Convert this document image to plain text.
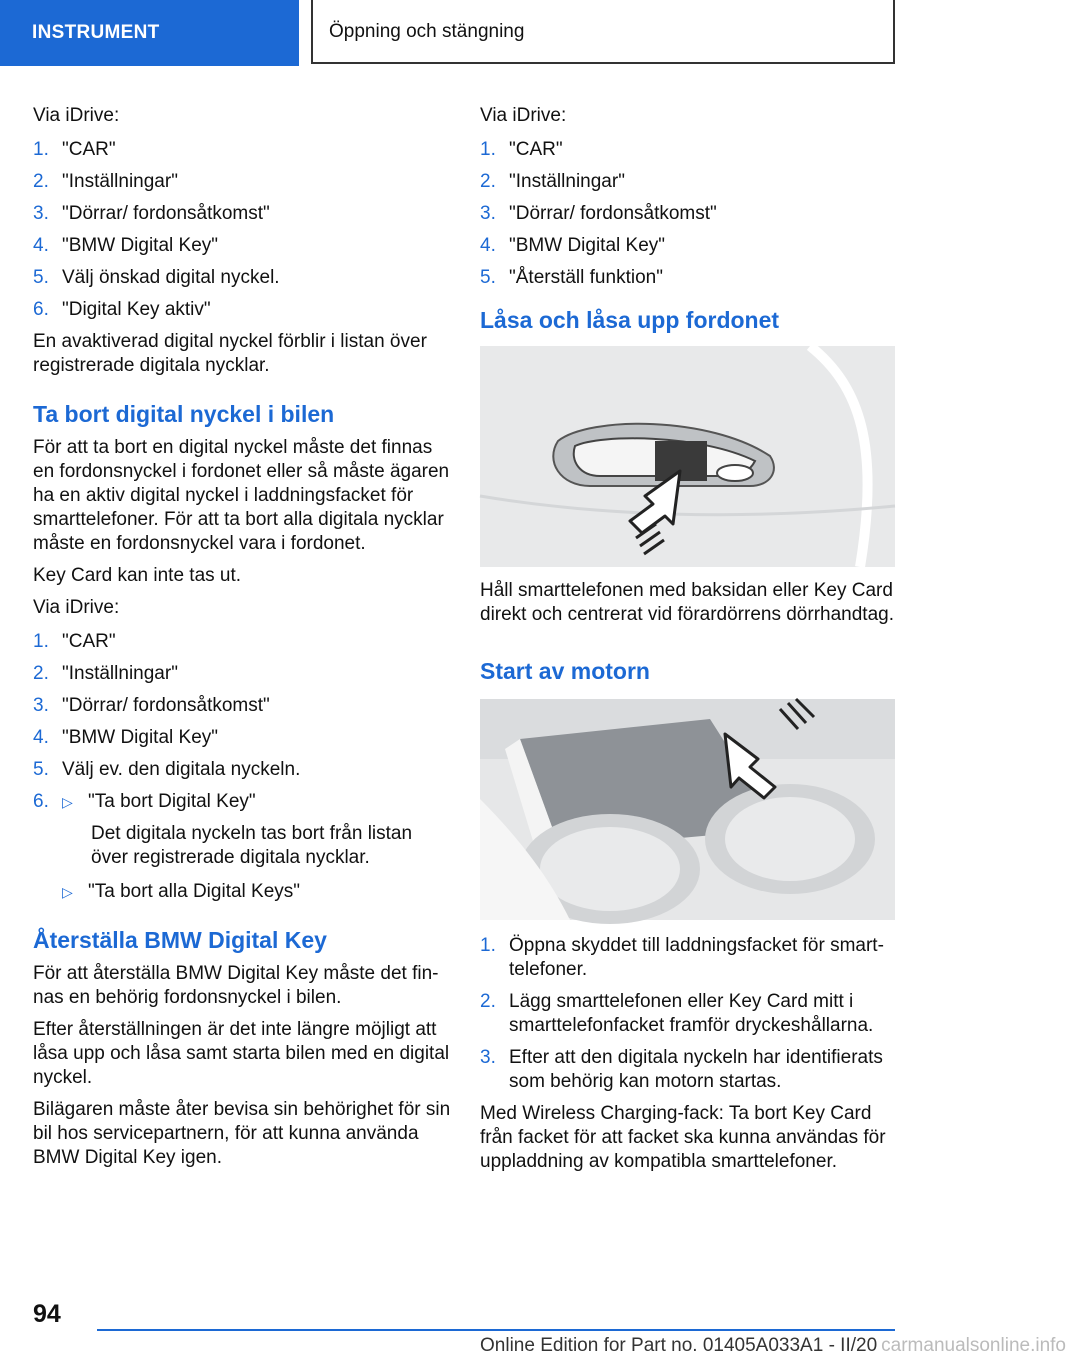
INSTRUMENT	Öppning och stängning

Via iDrive:

1. "CAR"
2. "Inställningar"
3. "Dörrar/ fordonsåtkomst"
4. "BMW Digital Key"
5. Välj önskad digital nyckel.
6. "Digital Key aktiv"

En avaktiverad digital nyckel förblir i listan över registrerade digitala nycklar.

Ta bort digital nyckel i bilen

För att ta bort en digital nyckel måste det finnas en fordonsnyckel i fordonet eller så måste ägaren ha en aktiv digital nyckel i laddningsfacket för smarttelefoner. För att ta bort alla digitala nycklar måste en fordonsnyckel vara i fordonet.

Key Card kan inte tas ut.

Via iDrive:

1. "CAR"
2. "Inställningar"
3. "Dörrar/ fordonsåtkomst"
4. "BMW Digital Key"
5. Välj ev. den digitala nyckeln.
6. ▷ "Ta bort Digital Key"
Det digitala nyckeln tas bort från listan över registrerade digitala nycklar.
▷ "Ta bort alla Digital Keys"
Återställa BMW Digital Key

För att återställa BMW Digital Key måste det finnas en behörig fordonsnyckel i bilen.

Efter återställningen är det inte längre möjligt att låsa upp och låsa samt starta bilen med en digital nyckel.

Bilägaren måste åter bevisa sin behörighet för sin bil hos servicepartnern, för att kunna använda BMW Digital Key igen.

Via iDrive:

1. "CAR"
2. "Inställningar"
3. "Dörrar/ fordonsåtkomst"
4. "BMW Digital Key"
5. "Återställ funktion"
Låsa och låsa upp fordonet

Håll smarttelefonen med baksidan eller Key Card direkt och centrerat vid förardörrens dörrhandtag.

Start av motorn
1. Öppna skyddet till laddningsfacket för smarttelefoner.
2. Lägg smarttelefonen eller Key Card mitt i smarttelefonfacket framför dryckeshållarna.
3. Efter att den digitala nyckeln har identifierats som behörig kan motorn startas.

Med Wireless Charging-fack: Ta bort Key Card från facket för att facket ska kunna användas för uppladdning av kompatibla smarttelefoner.

94
Online Edition for Part no. 01405A033A1 - II/20 carmanualsonline.info
